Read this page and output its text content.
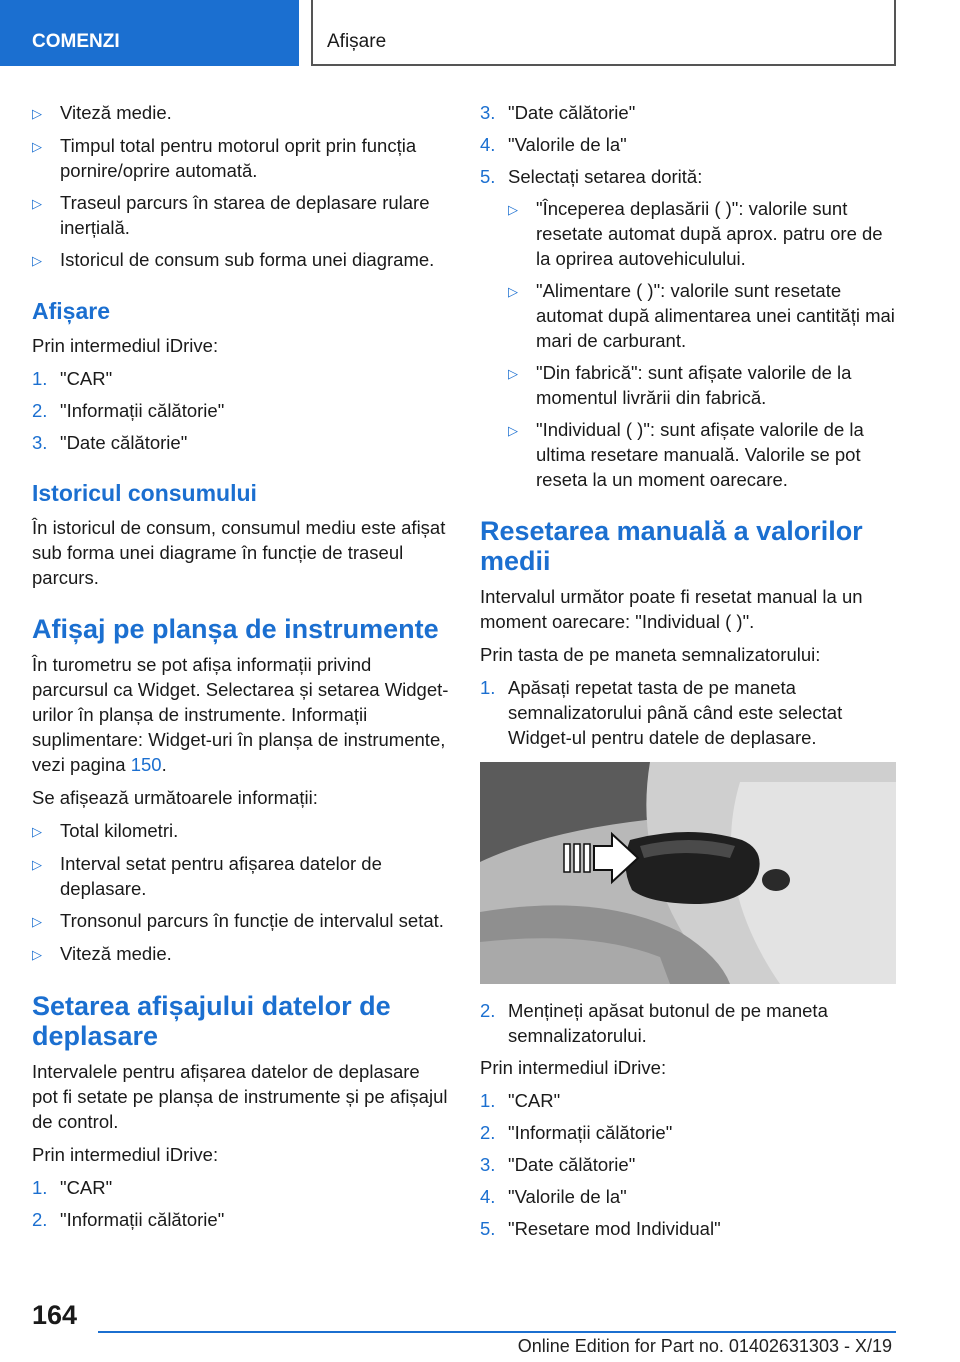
COMENZI	Afișare
▷ Viteză medie.
▷ Timpul total pentru motorul oprit prin funcția pornire/oprire automată.
▷ Traseul parcurs în starea de deplasare rulare inerțială.
▷ Istoricul de consum sub forma unei diagrame.
Afișare
Prin intermediul iDrive:
1. "CAR"
2. "Informații călătorie"
3. "Date călătorie"
Istoricul consumului
În istoricul de consum, consumul mediu este afișat sub forma unei diagrame în funcție de traseul parcurs.
Afișaj pe planșa de instrumente
În turometru se pot afișa informații privind parcursul ca Widget. Selectarea și setarea Widget-urilor în planșa de instrumente. Informații suplimentare: Widget-uri în planșa de instrumente, vezi pagina 150.
Se afișează următoarele informații:
▷ Total kilometri.
▷ Interval setat pentru afișarea datelor de deplasare.
▷ Tronsonul parcurs în funcție de intervalul setat.
▷ Viteză medie.
Setarea afișajului datelor de deplasare
Intervalele pentru afișarea datelor de deplasare pot fi setate pe planșa de instrumente și pe afișajul de control.
Prin intermediul iDrive:
1. "CAR"
2. "Informații călătorie"
3. "Date călătorie"
4. "Valorile de la"
5. Selectați setarea dorită:
▷ "Începerea deplasării ( )": valorile sunt resetate automat după aprox. patru ore de la oprirea autovehiculului.
▷ "Alimentare ( )": valorile sunt resetate automat după alimentarea unei cantități mai mari de carburant.
▷ "Din fabrică": sunt afișate valorile de la momentul livrării din fabrică.
▷ "Individual ( )": sunt afișate valorile de la ultima resetare manuală. Valorile se pot reseta la un moment oarecare.
Resetarea manuală a valorilor medii
Intervalul următor poate fi resetat manual la un moment oarecare: "Individual ( )".
Prin tasta de pe maneta semnalizatorului:
1. Apăsați repetat tasta de pe maneta semnalizatorului până când este selectat Widget-ul pentru datele de deplasare.
2. Mențineți apăsat butonul de pe maneta semnalizatorului.
Prin intermediul iDrive:
1. "CAR"
2. "Informații călătorie"
3. "Date călătorie"
4. "Valorile de la"
5. "Resetare mod Individual"
164
Online Edition for Part no. 01402631303 - X/19
